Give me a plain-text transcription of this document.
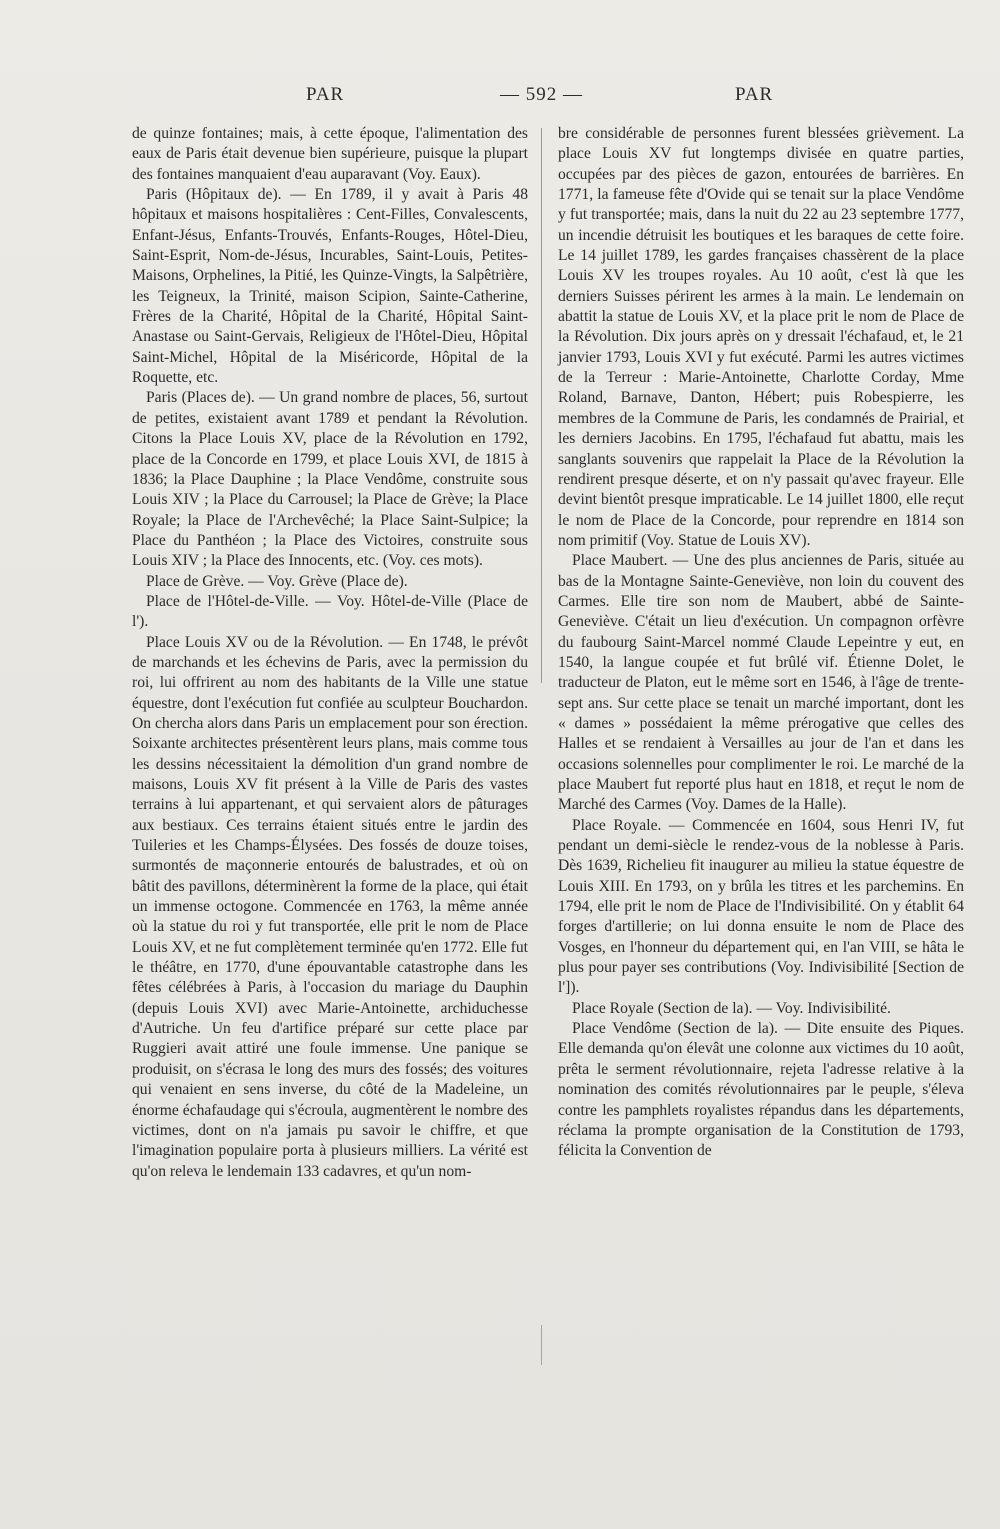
PAR	— 592 —	PAR

de quinze fontaines; mais, à cette époque, l'alimentation des eaux de Paris était devenue bien supérieure, puisque la plupart des fontaines manquaient d'eau auparavant (Voy. Eaux).

Paris (Hôpitaux de). — En 1789, il y avait à Paris 48 hôpitaux et maisons hospitalières : Cent-Filles, Convalescents, Enfant-Jésus, Enfants-Trouvés, Enfants-Rouges, Hôtel-Dieu, Saint-Esprit, Nom-de-Jésus, Incurables, Saint-Louis, Petites-Maisons, Orphelines, la Pitié, les Quinze-Vingts, la Salpêtrière, les Teigneux, la Trinité, maison Scipion, Sainte-Catherine, Frères de la Charité, Hôpital de la Charité, Hôpital Saint-Anastase ou Saint-Gervais, Religieux de l'Hôtel-Dieu, Hôpital Saint-Michel, Hôpital de la Miséricorde, Hôpital de la Roquette, etc.

Paris (Places de). — Un grand nombre de places, 56, surtout de petites, existaient avant 1789 et pendant la Révolution. Citons la Place Louis XV, place de la Révolution en 1792, place de la Concorde en 1799, et place Louis XVI, de 1815 à 1836; la Place Dauphine ; la Place Vendôme, construite sous Louis XIV ; la Place du Carrousel; la Place de Grève; la Place Royale; la Place de l'Archevêché; la Place Saint-Sulpice; la Place du Panthéon ; la Place des Victoires, construite sous Louis XIV ; la Place des Innocents, etc. (Voy. ces mots).

Place de Grève. — Voy. Grève (Place de).

Place de l'Hôtel-de-Ville. — Voy. Hôtel-de-Ville (Place de l').

Place Louis XV ou de la Révolution. — En 1748, le prévôt de marchands et les échevins de Paris, avec la permission du roi, lui offrirent au nom des habitants de la Ville une statue équestre, dont l'exécution fut confiée au sculpteur Bouchardon. On chercha alors dans Paris un emplacement pour son érection. Soixante architectes présentèrent leurs plans, mais comme tous les dessins nécessitaient la démolition d'un grand nombre de maisons, Louis XV fit présent à la Ville de Paris des vastes terrains à lui appartenant, et qui servaient alors de pâturages aux bestiaux. Ces terrains étaient situés entre le jardin des Tuileries et les Champs-Élysées. Des fossés de douze toises, surmontés de maçonnerie entourés de balustrades, et où on bâtit des pavillons, déterminèrent la forme de la place, qui était un immense octogone. Commencée en 1763, la même année où la statue du roi y fut transportée, elle prit le nom de Place Louis XV, et ne fut complètement terminée qu'en 1772. Elle fut le théâtre, en 1770, d'une épouvantable catastrophe dans les fêtes célébrées à Paris, à l'occasion du mariage du Dauphin (depuis Louis XVI) avec Marie-Antoinette, archiduchesse d'Autriche. Un feu d'artifice préparé sur cette place par Ruggieri avait attiré une foule immense. Une panique se produisit, on s'écrasa le long des murs des fossés; des voitures qui venaient en sens inverse, du côté de la Madeleine, un énorme échafaudage qui s'écroula, augmentèrent le nombre des victimes, dont on n'a jamais pu savoir le chiffre, et que l'imagination populaire porta à plusieurs milliers. La vérité est qu'on releva le lendemain 133 cadavres, et qu'un nom-

bre considérable de personnes furent blessées grièvement. La place Louis XV fut longtemps divisée en quatre parties, occupées par des pièces de gazon, entourées de barrières. En 1771, la fameuse fête d'Ovide qui se tenait sur la place Vendôme y fut transportée; mais, dans la nuit du 22 au 23 septembre 1777, un incendie détruisit les boutiques et les baraques de cette foire. Le 14 juillet 1789, les gardes françaises chassèrent de la place Louis XV les troupes royales. Au 10 août, c'est là que les derniers Suisses périrent les armes à la main. Le lendemain on abattit la statue de Louis XV, et la place prit le nom de Place de la Révolution. Dix jours après on y dressait l'échafaud, et, le 21 janvier 1793, Louis XVI y fut exécuté. Parmi les autres victimes de la Terreur : Marie-Antoinette, Charlotte Corday, Mme Roland, Barnave, Danton, Hébert; puis Robespierre, les membres de la Commune de Paris, les condamnés de Prairial, et les derniers Jacobins. En 1795, l'échafaud fut abattu, mais les sanglants souvenirs que rappelait la Place de la Révolution la rendirent presque déserte, et on n'y passait qu'avec frayeur. Elle devint bientôt presque impraticable. Le 14 juillet 1800, elle reçut le nom de Place de la Concorde, pour reprendre en 1814 son nom primitif (Voy. Statue de Louis XV).

Place Maubert. — Une des plus anciennes de Paris, située au bas de la Montagne Sainte-Geneviève, non loin du couvent des Carmes. Elle tire son nom de Maubert, abbé de Sainte-Geneviève. C'était un lieu d'exécution. Un compagnon orfèvre du faubourg Saint-Marcel nommé Claude Lepeintre y eut, en 1540, la langue coupée et fut brûlé vif. Étienne Dolet, le traducteur de Platon, eut le même sort en 1546, à l'âge de trente-sept ans. Sur cette place se tenait un marché important, dont les « dames » possédaient la même prérogative que celles des Halles et se rendaient à Versailles au jour de l'an et dans les occasions solennelles pour complimenter le roi. Le marché de la place Maubert fut reporté plus haut en 1818, et reçut le nom de Marché des Carmes (Voy. Dames de la Halle).

Place Royale. — Commencée en 1604, sous Henri IV, fut pendant un demi-siècle le rendez-vous de la noblesse à Paris. Dès 1639, Richelieu fit inaugurer au milieu la statue équestre de Louis XIII. En 1793, on y brûla les titres et les parchemins. En 1794, elle prit le nom de Place de l'Indivisibilité. On y établit 64 forges d'artillerie; on lui donna ensuite le nom de Place des Vosges, en l'honneur du département qui, en l'an VIII, se hâta le plus pour payer ses contributions (Voy. Indivisibilité [Section de l']).

Place Royale (Section de la). — Voy. Indivisibilité.

Place Vendôme (Section de la). — Dite ensuite des Piques. Elle demanda qu'on élevât une colonne aux victimes du 10 août, prêta le serment révolutionnaire, rejeta l'adresse relative à la nomination des comités révolutionnaires par le peuple, s'éleva contre les pamphlets royalistes répandus dans les départements, réclama la prompte organisation de la Constitution de 1793, félicita la Convention de
